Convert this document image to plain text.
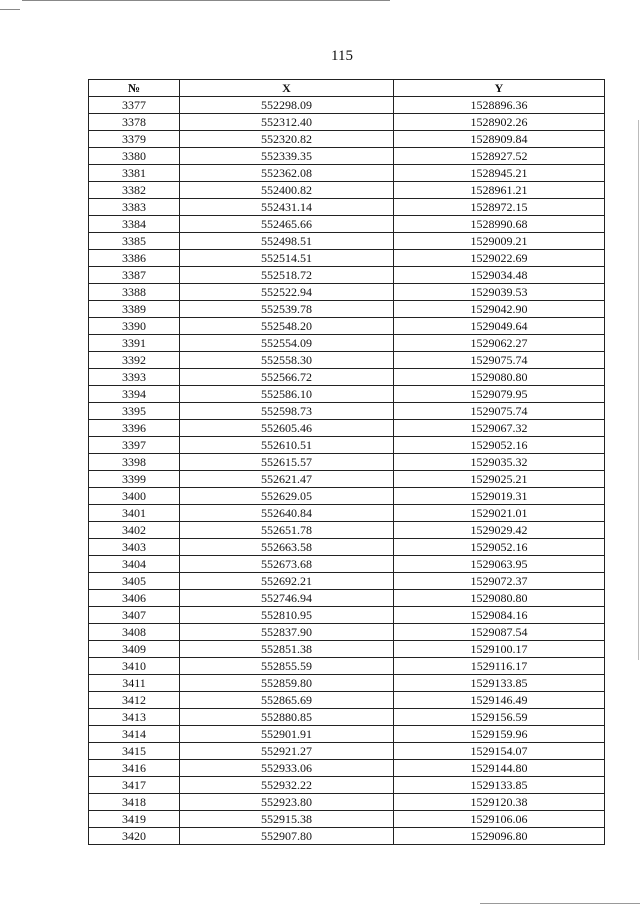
115
№	X	Y
3377	552298.09	1528896.36
3378	552312.40	1528902.26
3379	552320.82	1528909.84
3380	552339.35	1528927.52
3381	552362.08	1528945.21
3382	552400.82	1528961.21
3383	552431.14	1528972.15
3384	552465.66	1528990.68
3385	552498.51	1529009.21
3386	552514.51	1529022.69
3387	552518.72	1529034.48
3388	552522.94	1529039.53
3389	552539.78	1529042.90
3390	552548.20	1529049.64
3391	552554.09	1529062.27
3392	552558.30	1529075.74
3393	552566.72	1529080.80
3394	552586.10	1529079.95
3395	552598.73	1529075.74
3396	552605.46	1529067.32
3397	552610.51	1529052.16
3398	552615.57	1529035.32
3399	552621.47	1529025.21
3400	552629.05	1529019.31
3401	552640.84	1529021.01
3402	552651.78	1529029.42
3403	552663.58	1529052.16
3404	552673.68	1529063.95
3405	552692.21	1529072.37
3406	552746.94	1529080.80
3407	552810.95	1529084.16
3408	552837.90	1529087.54
3409	552851.38	1529100.17
3410	552855.59	1529116.17
3411	552859.80	1529133.85
3412	552865.69	1529146.49
3413	552880.85	1529156.59
3414	552901.91	1529159.96
3415	552921.27	1529154.07
3416	552933.06	1529144.80
3417	552932.22	1529133.85
3418	552923.80	1529120.38
3419	552915.38	1529106.06
3420	552907.80	1529096.80
